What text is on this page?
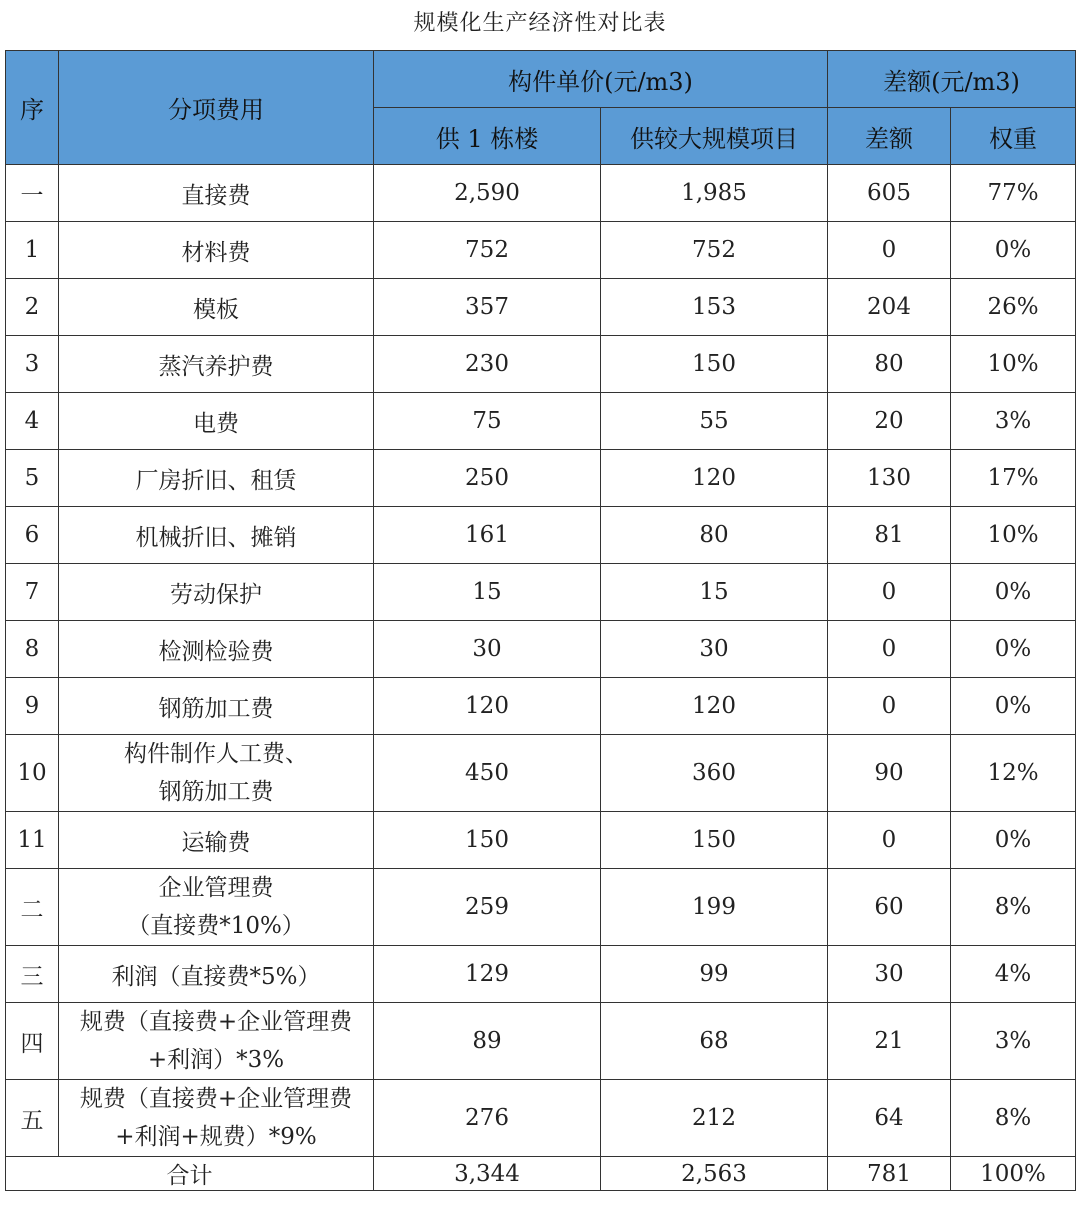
规模化生产经济性对比表
序	分项费用	构件单价(元/m3)		差额(元/m3)	
		供 1 栋楼	供较大规模项目	差额	权重
一	直接费	2,590	1,985	605	77%
1	材料费	752	752	0	0%
2	模板	357	153	204	26%
3	蒸汽养护费	230	150	80	10%
4	电费	75	55	20	3%
5	厂房折旧、租赁	250	120	130	17%
6	机械折旧、摊销	161	80	81	10%
7	劳动保护	15	15	0	0%
8	检测检验费	30	30	0	0%
9	钢筋加工费	120	120	0	0%
10	构件制作人工费、
钢筋加工费	450	360	90	12%
11	运输费	150	150	0	0%
二	企业管理费
（直接费*10%）	259	199	60	8%
三	利润（直接费*5%）	129	99	30	4%
四	规费（直接费+企业管理费
+利润）*3%	89	68	21	3%
五	规费（直接费+企业管理费
+利润+规费）*9%	276	212	64	8%
合计		3,344	2,563	781	100%
